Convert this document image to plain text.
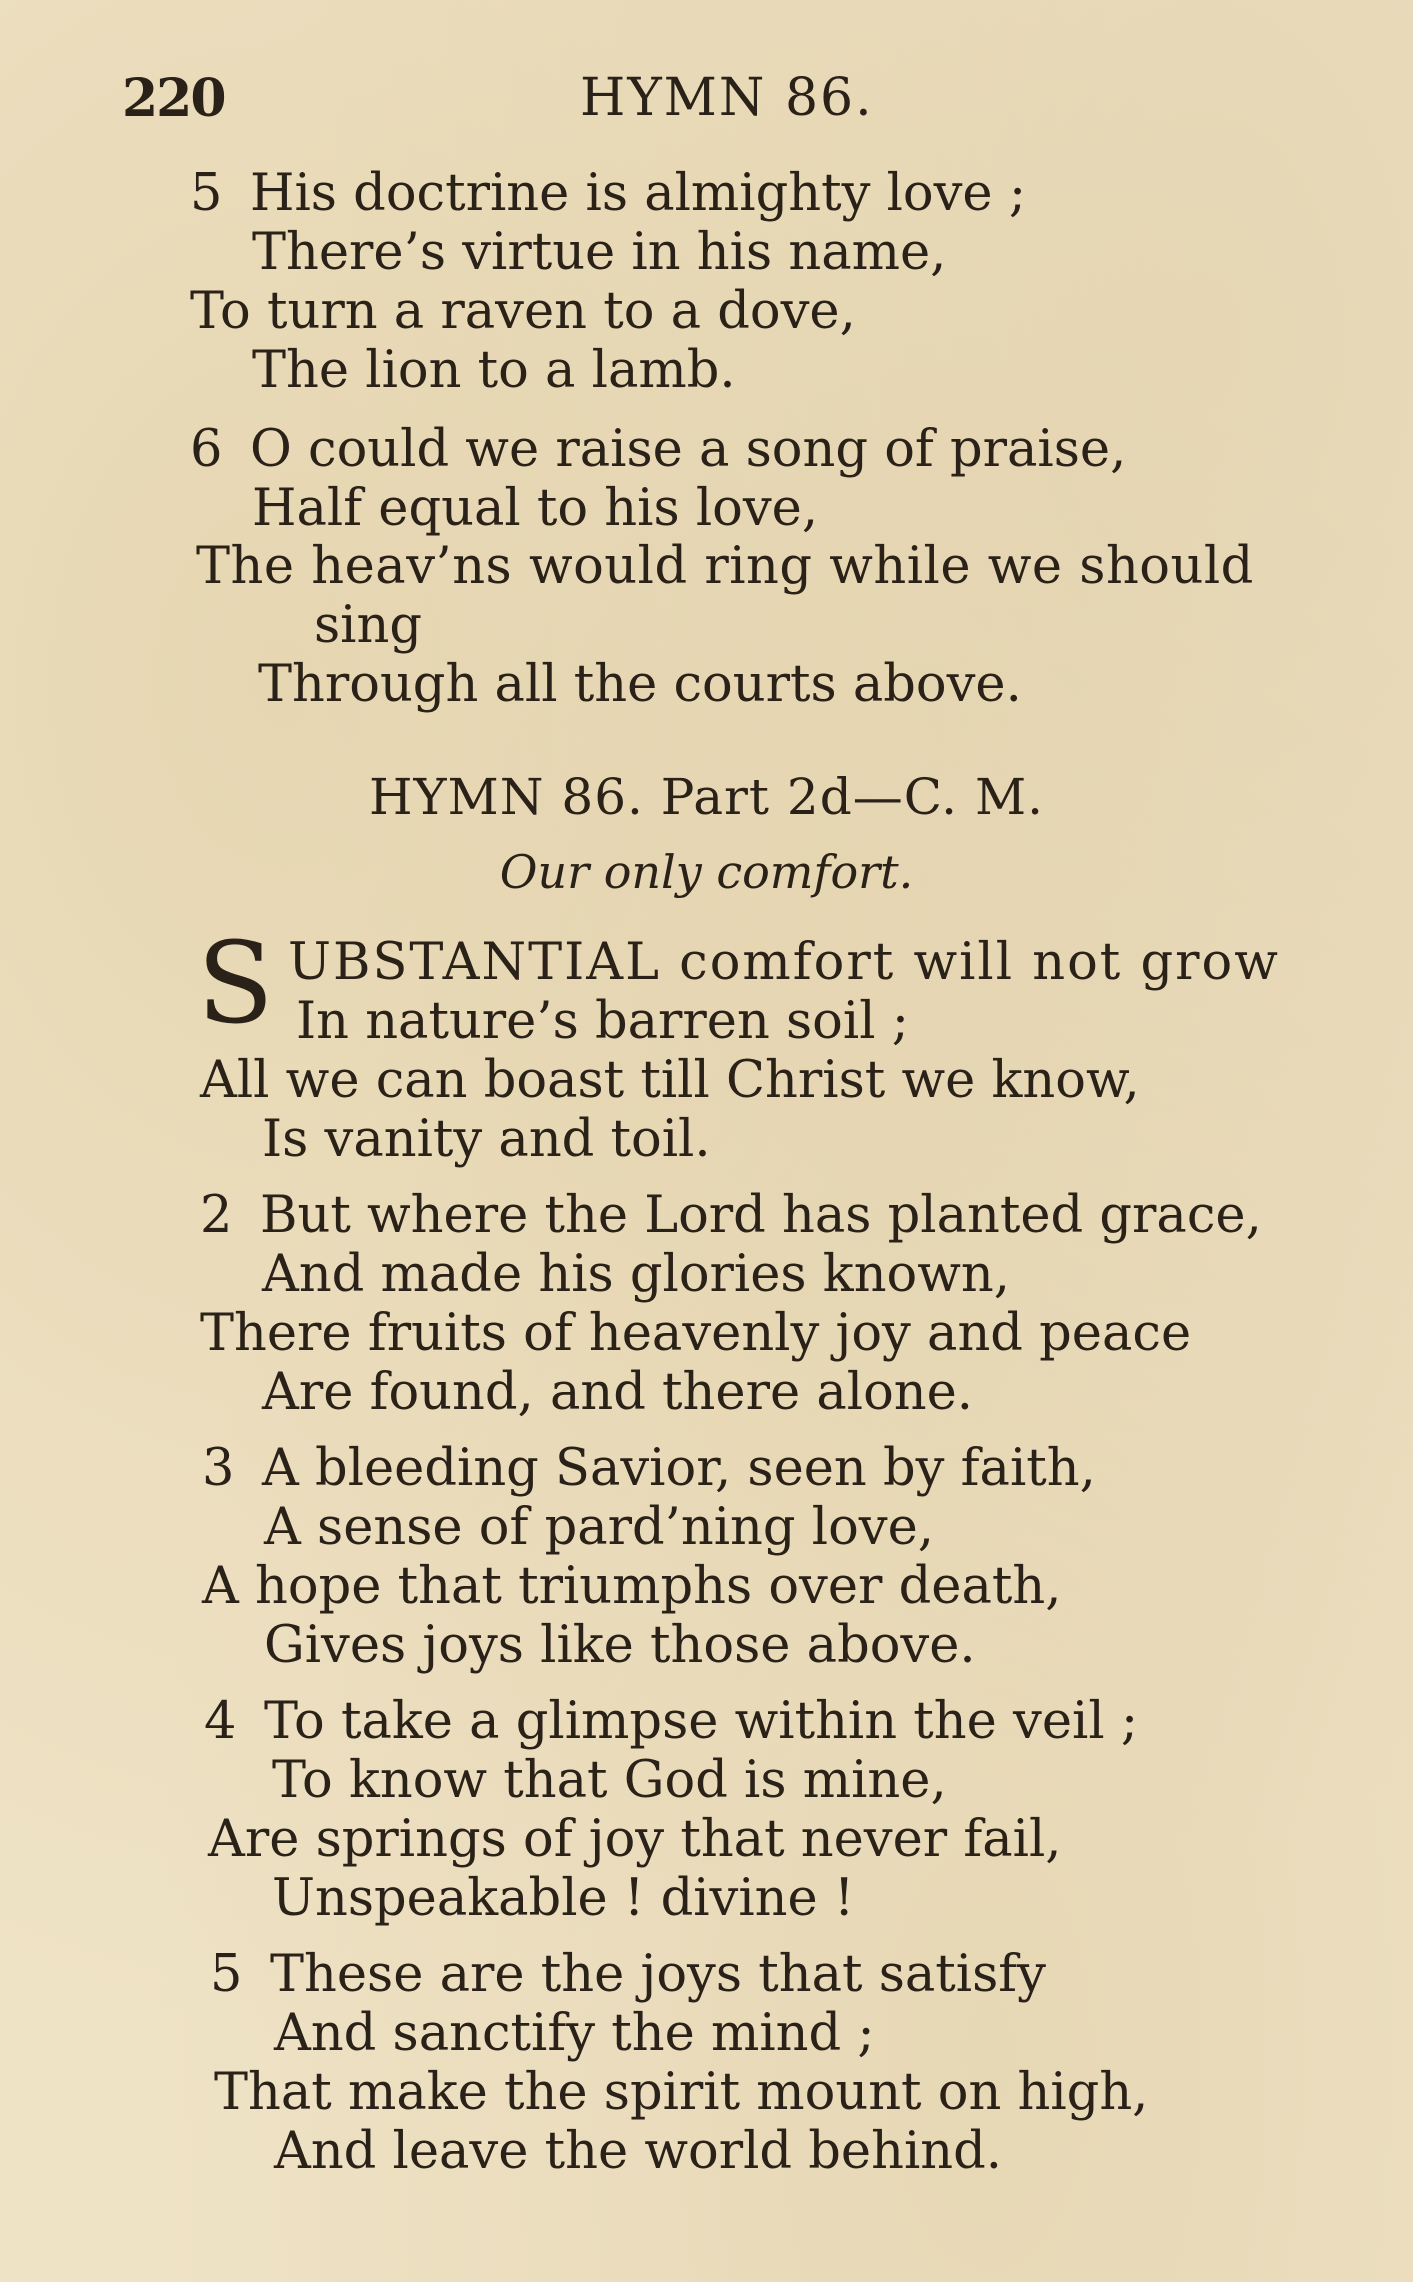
220	HYMN 86.
5 His doctrine is almighty love ;
There’s virtue in his name,
To turn a raven to a dove,
The lion to a lamb.
6 O could we raise a song of praise,
Half equal to his love,
The heav’ns would ring while we should
sing
Through all the courts above.
HYMN 86. Part 2d—C. M.
Our only comfort.
S UBSTANTIAL comfort will not grow
In nature’s barren soil ;
All we can boast till Christ we know,
Is vanity and toil.
2 But where the Lord has planted grace,
And made his glories known,
There fruits of heavenly joy and peace
Are found, and there alone.
3 A bleeding Savior, seen by faith,
A sense of pard’ning love,
A hope that triumphs over death,
Gives joys like those above.
4 To take a glimpse within the veil ;
To know that God is mine,
Are springs of joy that never fail,
Unspeakable ! divine !
5 These are the joys that satisfy
And sanctify the mind ;
That make the spirit mount on high,
And leave the world behind.
